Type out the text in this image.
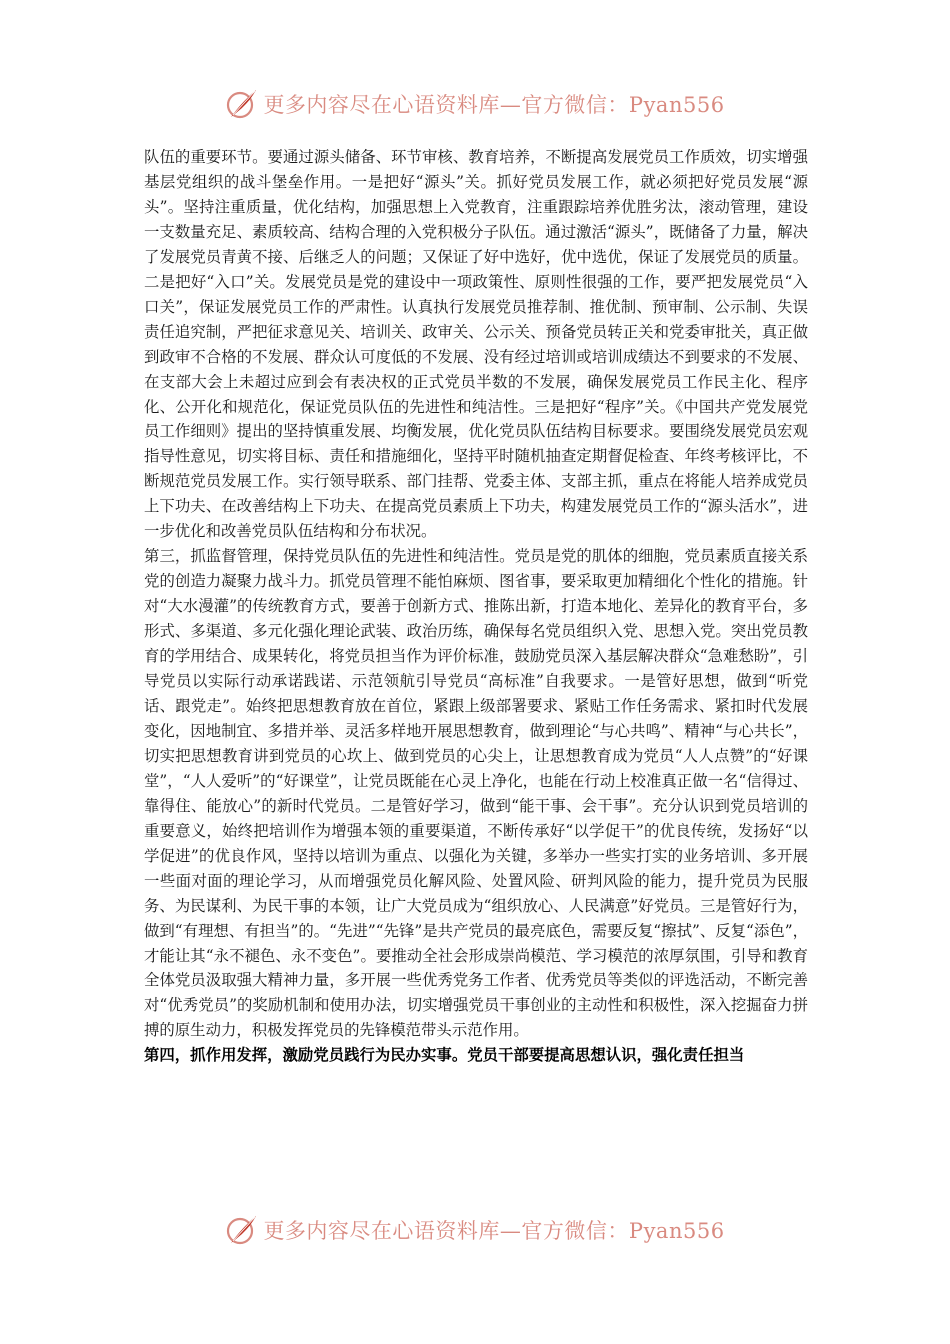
更多内容尽在心语资料库—官方微信：Pyan556

队伍的重要环节。要通过源头储备、环节审核、教育培养，不断提高发展党员工作质效，切实增强基层党组织的战斗堡垒作用。一是把好“源头”关。抓好党员发展工作，就必须把好党员发展“源头”。坚持注重质量，优化结构，加强思想上入党教育，注重跟踪培养优胜劣汰，滚动管理，建设一支数量充足、素质较高、结构合理的入党积极分子队伍。通过激活“源头”，既储备了力量，解决了发展党员青黄不接、后继乏人的问题；又保证了好中选好，优中选优，保证了发展党员的质量。二是把好“入口”关。发展党员是党的建设中一项政策性、原则性很强的工作，要严把发展党员“入口关”，保证发展党员工作的严肃性。认真执行发展党员推荐制、推优制、预审制、公示制、失误责任追究制，严把征求意见关、培训关、政审关、公示关、预备党员转正关和党委审批关，真正做到政审不合格的不发展、群众认可度低的不发展、没有经过培训或培训成绩达不到要求的不发展、在支部大会上未超过应到会有表决权的正式党员半数的不发展，确保发展党员工作民主化、程序化、公开化和规范化，保证党员队伍的先进性和纯洁性。三是把好“程序”关。《中国共产党发展党员工作细则》提出的坚持慎重发展、均衡发展，优化党员队伍结构目标要求。要围绕发展党员宏观指导性意见，切实将目标、责任和措施细化，坚持平时随机抽查定期督促检查、年终考核评比，不断规范党员发展工作。实行领导联系、部门挂帮、党委主体、支部主抓，重点在将能人培养成党员上下功夫、在改善结构上下功夫、在提高党员素质上下功夫，构建发展党员工作的“源头活水”，进一步优化和改善党员队伍结构和分布状况。

第三，抓监督管理，保持党员队伍的先进性和纯洁性。党员是党的肌体的细胞，党员素质直接关系党的创造力凝聚力战斗力。抓党员管理不能怕麻烦、图省事，要采取更加精细化个性化的措施。针对“大水漫灌”的传统教育方式，要善于创新方式、推陈出新，打造本地化、差异化的教育平台，多形式、多渠道、多元化强化理论武装、政治历练，确保每名党员组织入党、思想入党。突出党员教育的学用结合、成果转化，将党员担当作为评价标准，鼓励党员深入基层解决群众“急难愁盼”，引导党员以实际行动承诺践诺、示范领航引导党员“高标准”自我要求。一是管好思想，做到“听党话、跟党走”。始终把思想教育放在首位，紧跟上级部署要求、紧贴工作任务需求、紧扣时代发展变化，因地制宜、多措并举、灵活多样地开展思想教育，做到理论“与心共鸣”、精神“与心共长”，切实把思想教育讲到党员的心坎上、做到党员的心尖上，让思想教育成为党员“人人点赞”的“好课堂”，“人人爱听”的“好课堂”，让党员既能在心灵上净化，也能在行动上校准真正做一名“信得过、靠得住、能放心”的新时代党员。二是管好学习，做到“能干事、会干事”。充分认识到党员培训的重要意义，始终把培训作为增强本领的重要渠道，不断传承好“以学促干”的优良传统，发扬好“以学促进”的优良作风，坚持以培训为重点、以强化为关键，多举办一些实打实的业务培训、多开展一些面对面的理论学习，从而增强党员化解风险、处置风险、研判风险的能力，提升党员为民服务、为民谋利、为民干事的本领，让广大党员成为“组织放心、人民满意”好党员。三是管好行为，做到“有理想、有担当”的。“先进”“先锋”是共产党员的最亮底色，需要反复“擦拭”、反复“添色”，才能让其“永不褪色、永不变色”。要推动全社会形成崇尚模范、学习模范的浓厚氛围，引导和教育全体党员汲取强大精神力量，多开展一些优秀党务工作者、优秀党员等类似的评选活动，不断完善对“优秀党员”的奖励机制和使用办法，切实增强党员干事创业的主动性和积极性，深入挖掘奋力拼搏的原生动力，积极发挥党员的先锋模范带头示范作用。

第四，抓作用发挥，激励党员践行为民办实事。党员干部要提高思想认识，强化责任担当

更多内容尽在心语资料库—官方微信：Pyan556
